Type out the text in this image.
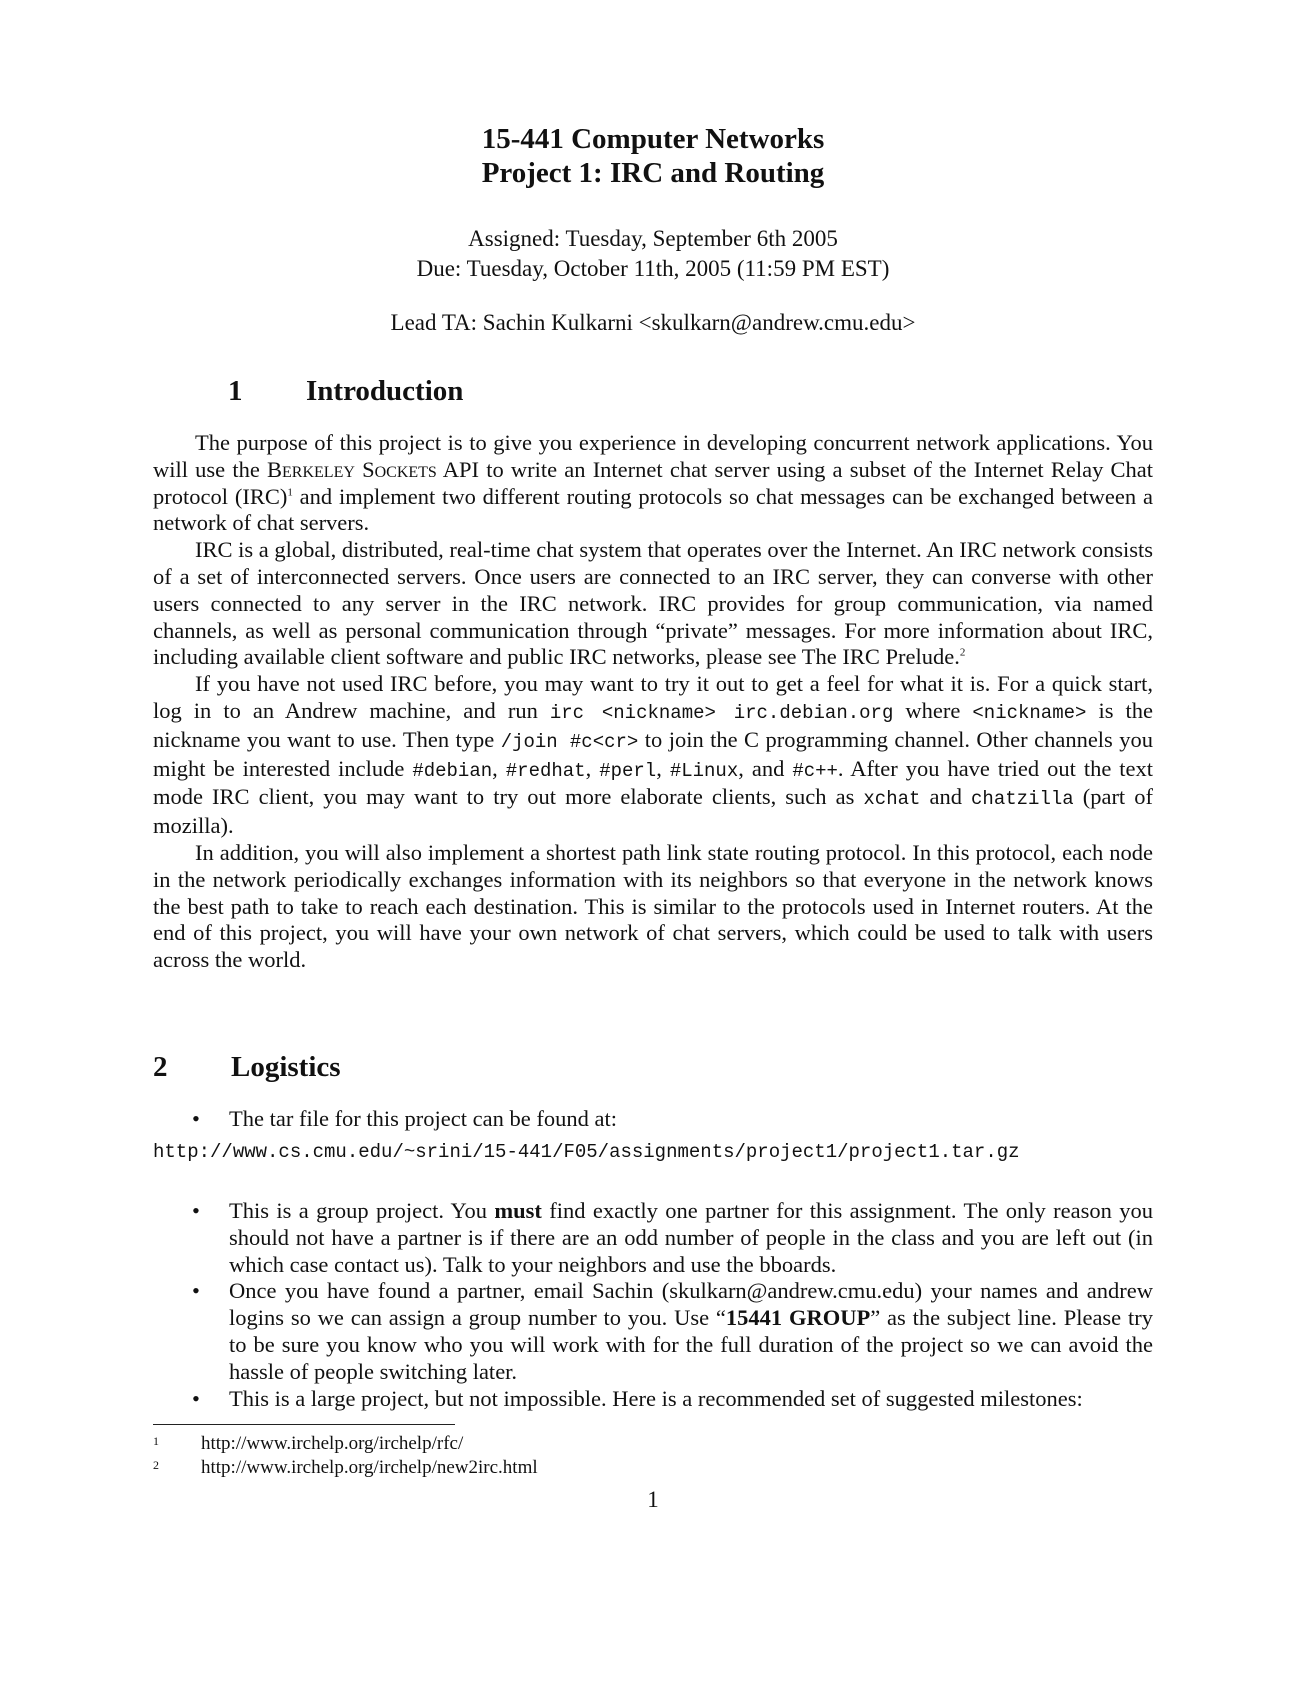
15-441 Computer Networks
Project 1: IRC and Routing
Assigned: Tuesday, September 6th 2005
Due: Tuesday, October 11th, 2005 (11:59 PM EST)
Lead TA: Sachin Kulkarni <skulkarn@andrew.cmu.edu>
1 Introduction

The purpose of this project is to give you experience in developing concurrent network applications. You will use the Berkeley Sockets API to write an Internet chat server using a subset of the Internet Relay Chat protocol (IRC)$^1$ and implement two different routing protocols so chat messages can be exchanged between a network of chat servers.

IRC is a global, distributed, real-time chat system that operates over the Internet. An IRC network consists of a set of interconnected servers. Once users are connected to an IRC server, they can converse with other users connected to any server in the IRC network. IRC provides for group communication, via named channels, as well as personal communication through “private” messages. For more information about IRC, including available client software and public IRC networks, please see The IRC Prelude.$^2$

If you have not used IRC before, you may want to try it out to get a feel for what it is. For a quick start, log in to an Andrew machine, and run irc <nickname> irc.debian.org where <nickname> is the nickname you want to use. Then type /join #c<cr> to join the C programming channel. Other channels you might be interested include #debian, #redhat, #perl, #Linux, and #c++. After you have tried out the text mode IRC client, you may want to try out more elaborate clients, such as xchat and chatzilla (part of mozilla).

In addition, you will also implement a shortest path link state routing protocol. In this protocol, each node in the network periodically exchanges information with its neighbors so that everyone in the network knows the best path to take to reach each destination. This is similar to the protocols used in Internet routers. At the end of this project, you will have your own network of chat servers, which could be used to talk with users across the world.

2 Logistics
• The tar file for this project can be found at:
http://www.cs.cmu.edu/~srini/15-441/F05/assignments/project1/project1.tar.gz
• This is a group project. You must find exactly one partner for this assignment. The only reason you should not have a partner is if there are an odd number of people in the class and you are left out (in which case contact us). Talk to your neighbors and use the bboards.
• Once you have found a partner, email Sachin (skulkarn@andrew.cmu.edu) your names and andrew logins so we can assign a group number to you. Use “15441 GROUP” as the subject line. Please try to be sure you know who you will work with for the full duration of the project so we can avoid the hassle of people switching later.
• This is a large project, but not impossible. Here is a recommended set of suggested milestones:
1 http://www.irchelp.org/irchelp/rfc/
2 http://www.irchelp.org/irchelp/new2irc.html
1
